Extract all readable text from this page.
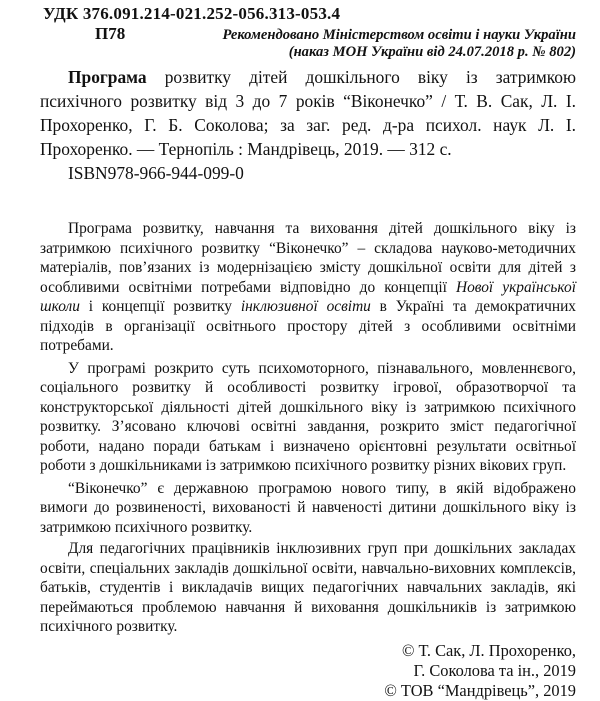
УДК 376.091.214-021.252-056.313-053.4
П78	Рекомендовано Міністерством освіти і науки України
(наказ МОН України від 24.07.2018 р. № 802)
Програма розвитку дітей дошкільного віку із затримкою психічного розвитку від 3 до 7 років “Віконечко” / Т. В. Сак, Л. І. Прохоренко, Г. Б. Соколова; за заг. ред. д-ра психол. наук Л. І. Прохоренко. — Тернопіль : Мандрівець, 2019. — 312 с.
ISBN978-966-944-099-0

Програма розвитку, навчання та виховання дітей дошкільного віку із затримкою психічного розвитку “Віконечко” – складова науково-методичних матеріалів, пов’язаних із модернізацією змісту дошкільної освіти для дітей з особливими освітніми потребами відповідно до концепції Нової української школи і концепції розвитку інклюзивної освіти в Україні та демократичних підходів в організації освітнього простору дітей з особливими освітніми потребами.

У програмі розкрито суть психомоторного, пізнавального, мовленнєвого, соціального розвитку й особливості розвитку ігрової, образотворчої та конструкторської діяльності дітей дошкільного віку із затримкою психічного розвитку. З’ясовано ключові освітні завдання, розкрито зміст педагогічної роботи, надано поради батькам і визначено орієнтовні результати освітньої роботи з дошкільниками із затримкою психічного розвитку різних вікових груп.

“Віконечко” є державною програмою нового типу, в якій відображено вимоги до розвиненості, вихованості й навченості дитини дошкільного віку із затримкою психічного розвитку.

Для педагогічних працівників інклюзивних груп при дошкільних закладах освіти, спеціальних закладів дошкільної освіти, навчально-виховних комплексів, батьків, студентів і викладачів вищих педагогічних навчальних закладів, які переймаються проблемою навчання й виховання дошкільників із затримкою психічного розвитку.

© Т. Сак, Л. Прохоренко,
Г. Соколова та ін., 2019
© ТОВ “Мандрівець”, 2019
